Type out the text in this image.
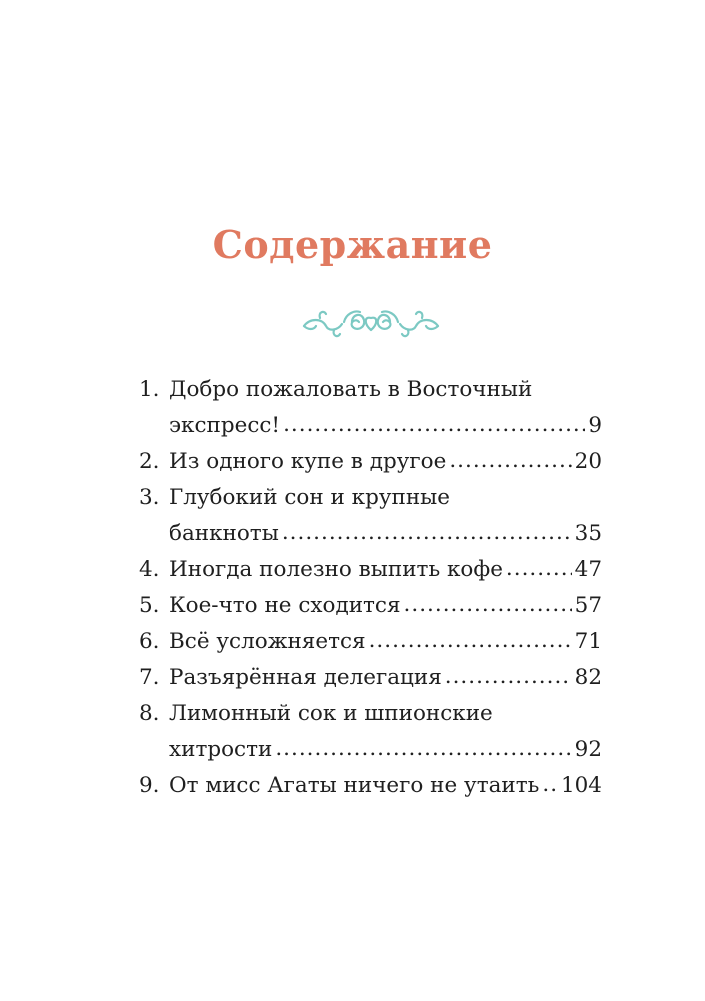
Содержание
1. Добро пожаловать в Восточный
экспресс! .....	9
2. Из одного купе в другое .....	20
3. Глубокий сон и крупные
банкноты .....	35
4. Иногда полезно выпить кофе .....	47
5. Кое-что не сходится .....	57
6. Всё усложняется .....	71
7. Разъярённая делегация .....	82
8. Лимонный сок и шпионские
хитрости .....	92
9. От мисс Агаты ничего не утаить ..... 104
